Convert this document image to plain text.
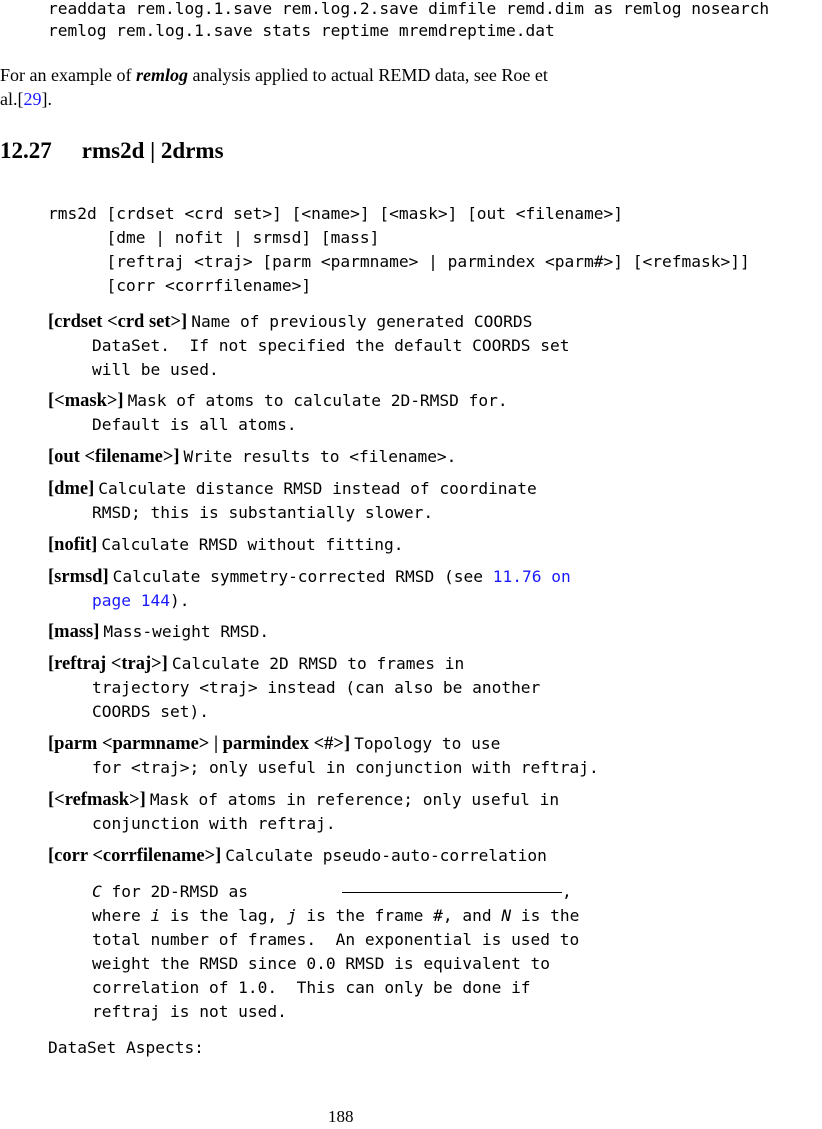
readdata rem.log.1.save rem.log.2.save dimfile remd.dim as remlog nosearch
remlog rem.log.1.save stats reptime mremdreptime.dat
For an example of remlog analysis applied to actual REMD data, see Roe et
al.[29].
12.27 rms2d | 2drms
rms2d [crdset <crd set>] [<name>] [<mask>] [out <filename>]
[dme | nofit | srmsd] [mass]
[reftraj <traj> [parm <parmname> | parmindex <parm#>] [<refmask>]]
[corr <corrfilename>]
[crdset <crd set>] Name of previously generated COORDS
DataSet.  If not specified the default COORDS set
will be used.
[<mask>] Mask of atoms to calculate 2D-RMSD for.
Default is all atoms.
[out <filename>] Write results to <filename>.
[dme] Calculate distance RMSD instead of coordinate
RMSD; this is substantially slower.
[nofit] Calculate RMSD without fitting.
[srmsd] Calculate symmetry-corrected RMSD (see 11.76 on
page 144).
[mass] Mass-weight RMSD.
[reftraj <traj>] Calculate 2D RMSD to frames in
trajectory <traj> instead (can also be another
COORDS set).
[parm <parmname> | parmindex <#>] Topology to use
for <traj>; only useful in conjunction with reftraj.
[<refmask>] Mask of atoms in reference; only useful in
conjunction with reftraj.
[corr <corrfilename>] Calculate pseudo-auto-correlation
C for 2D-RMSD as	,
where i is the lag, j is the frame #, and N is the
total number of frames.  An exponential is used to
weight the RMSD since 0.0 RMSD is equivalent to
correlation of 1.0.  This can only be done if
reftraj is not used.
DataSet Aspects:
188
